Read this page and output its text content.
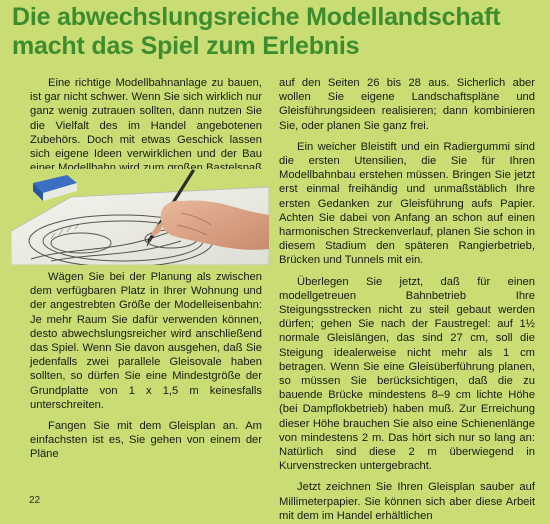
Die abwechslungsreiche Modellandschaft
macht das Spiel zum Erlebnis

Eine richtige Modellbahnanlage zu bauen, ist gar nicht schwer. Wenn Sie sich wirklich nur ganz wenig zutrauen sollten, dann nutzen Sie die Vielfalt des im Handel angebotenen Zubehörs. Doch mit etwas Geschick lassen sich eigene Ideen verwirklichen und der Bau

Wägen Sie bei der Planung als zwischen dem verfügbaren Platz in Ihrer Wohnung und der angestrebten Größe der Modelleisenbahn: Je mehr Raum Sie dafür verwenden können, desto abwechslungsreicher wird anschließend das Spiel. Wenn Sie davon ausgehen, daß Sie jedenfalls zwei parallele Gleisovale haben sollten, so dürfen Sie eine Mindestgröße der Grundplatte von 1 x 1,5 m keinesfalls unterschreiten.

Fangen Sie mit dem Gleisplan an. Am einfachsten ist es, Sie gehen von einem der Pläne

auf den Seiten 26 bis 28 aus. Sicherlich aber wollen Sie eigene Landschaftspläne und Gleisführungsideen realisieren; dann kombinieren Sie, oder planen Sie ganz frei.

Ein weicher Bleistift und ein Radiergummi sind die ersten Utensilien, die Sie für Ihren Modellbahnbau erstehen müssen. Bringen Sie jetzt erst einmal freihändig und unmaßstäblich Ihre ersten Gedanken zur Gleisführung aufs Papier. Achten Sie dabei von Anfang an schon auf einen harmonischen Streckenverlauf, planen Sie schon in diesem Stadium den späteren Rangierbetrieb, Brücken und Tunnels mit ein.

Überlegen Sie jetzt, daß für einen modellgetreuen Bahnbetrieb Ihre Steigungsstrecken nicht zu steil gebaut werden dürfen; gehen Sie nach der Faustregel: auf 1½ normale Gleislängen, das sind 27 cm, soll die Steigung idealerweise nicht mehr als 1 cm betragen. Wenn Sie eine Gleisüberführung planen, so müssen Sie berücksichtigen, daß die zu bauende Brücke mindestens 8–9 cm lichte Höhe (bei Dampflokbetrieb) haben muß. Zur Erreichung dieser Höhe brauchen Sie also eine Schienenlänge von mindestens 2 m. Das hört sich nur so lang an: Natürlich sind diese 2 m überwiegend in Kurvenstrecken untergebracht.

Jetzt zeichnen Sie Ihren Gleisplan sauber auf Millimeterpapier. Sie können sich aber diese Arbeit mit dem im Handel erhältlichen

22
